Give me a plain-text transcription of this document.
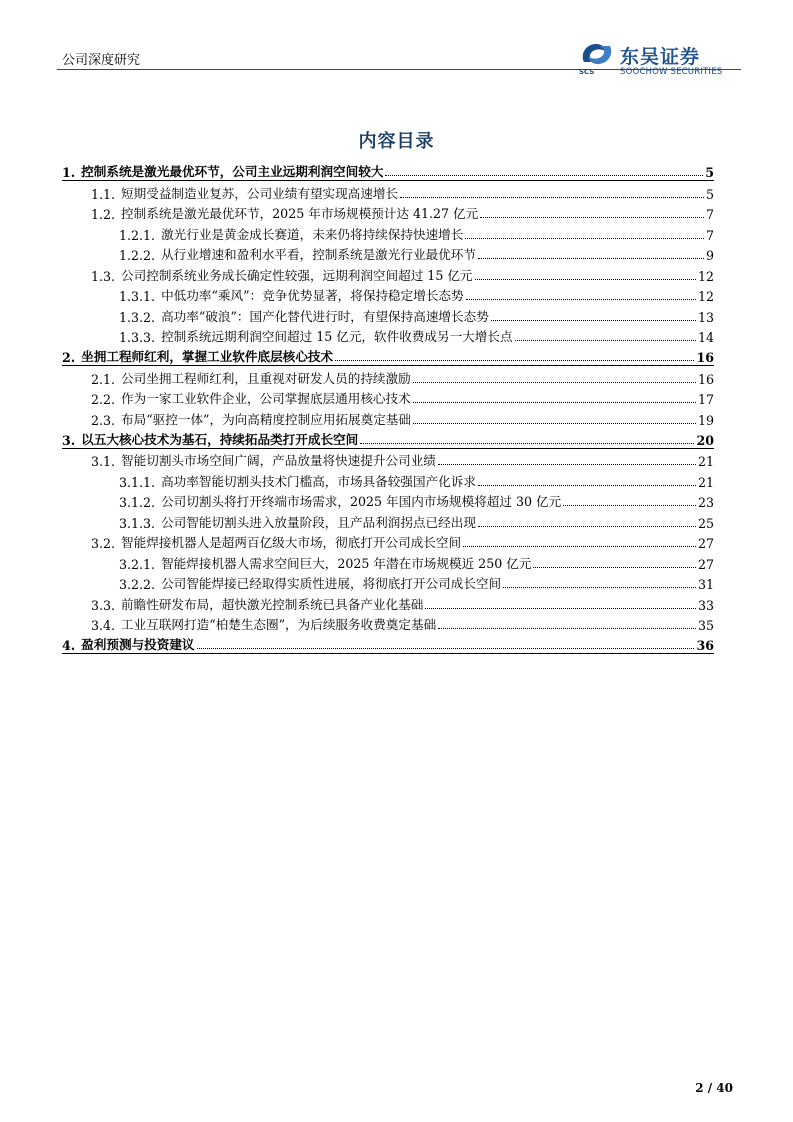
公司深度研究
SCS
东吴证券
SOOCHOW SECURITIES
内容目录
1. 控制系统是激光最优环节，公司主业远期利润空间较大	5
1.1. 短期受益制造业复苏，公司业绩有望实现高速增长	5
1.2. 控制系统是激光最优环节，2025 年市场规模预计达 41.27 亿元	7
1.2.1. 激光行业是黄金成长赛道，未来仍将持续保持快速增长	7
1.2.2. 从行业增速和盈利水平看，控制系统是激光行业最优环节	9
1.3. 公司控制系统业务成长确定性较强，远期利润空间超过 15 亿元	12
1.3.1. 中低功率“乘风”：竞争优势显著，将保持稳定增长态势	12
1.3.2. 高功率“破浪”：国产化替代进行时，有望保持高速增长态势	13
1.3.3. 控制系统远期利润空间超过 15 亿元，软件收费成另一大增长点	14
2. 坐拥工程师红利，掌握工业软件底层核心技术	16
2.1. 公司坐拥工程师红利，且重视对研发人员的持续激励	16
2.2. 作为一家工业软件企业，公司掌握底层通用核心技术	17
2.3. 布局“驱控一体”，为向高精度控制应用拓展奠定基础	19
3. 以五大核心技术为基石，持续拓品类打开成长空间	20
3.1. 智能切割头市场空间广阔，产品放量将快速提升公司业绩	21
3.1.1. 高功率智能切割头技术门槛高，市场具备较强国产化诉求	21
3.1.2. 公司切割头将打开终端市场需求，2025 年国内市场规模将超过 30 亿元	23
3.1.3. 公司智能切割头进入放量阶段，且产品利润拐点已经出现	25
3.2. 智能焊接机器人是超两百亿级大市场，彻底打开公司成长空间	27
3.2.1. 智能焊接机器人需求空间巨大，2025 年潜在市场规模近 250 亿元	27
3.2.2. 公司智能焊接已经取得实质性进展，将彻底打开公司成长空间	31
3.3. 前瞻性研发布局，超快激光控制系统已具备产业化基础	33
3.4. 工业互联网打造“柏楚生态圈”，为后续服务收费奠定基础	35
4. 盈利预测与投资建议	36
2 / 40
